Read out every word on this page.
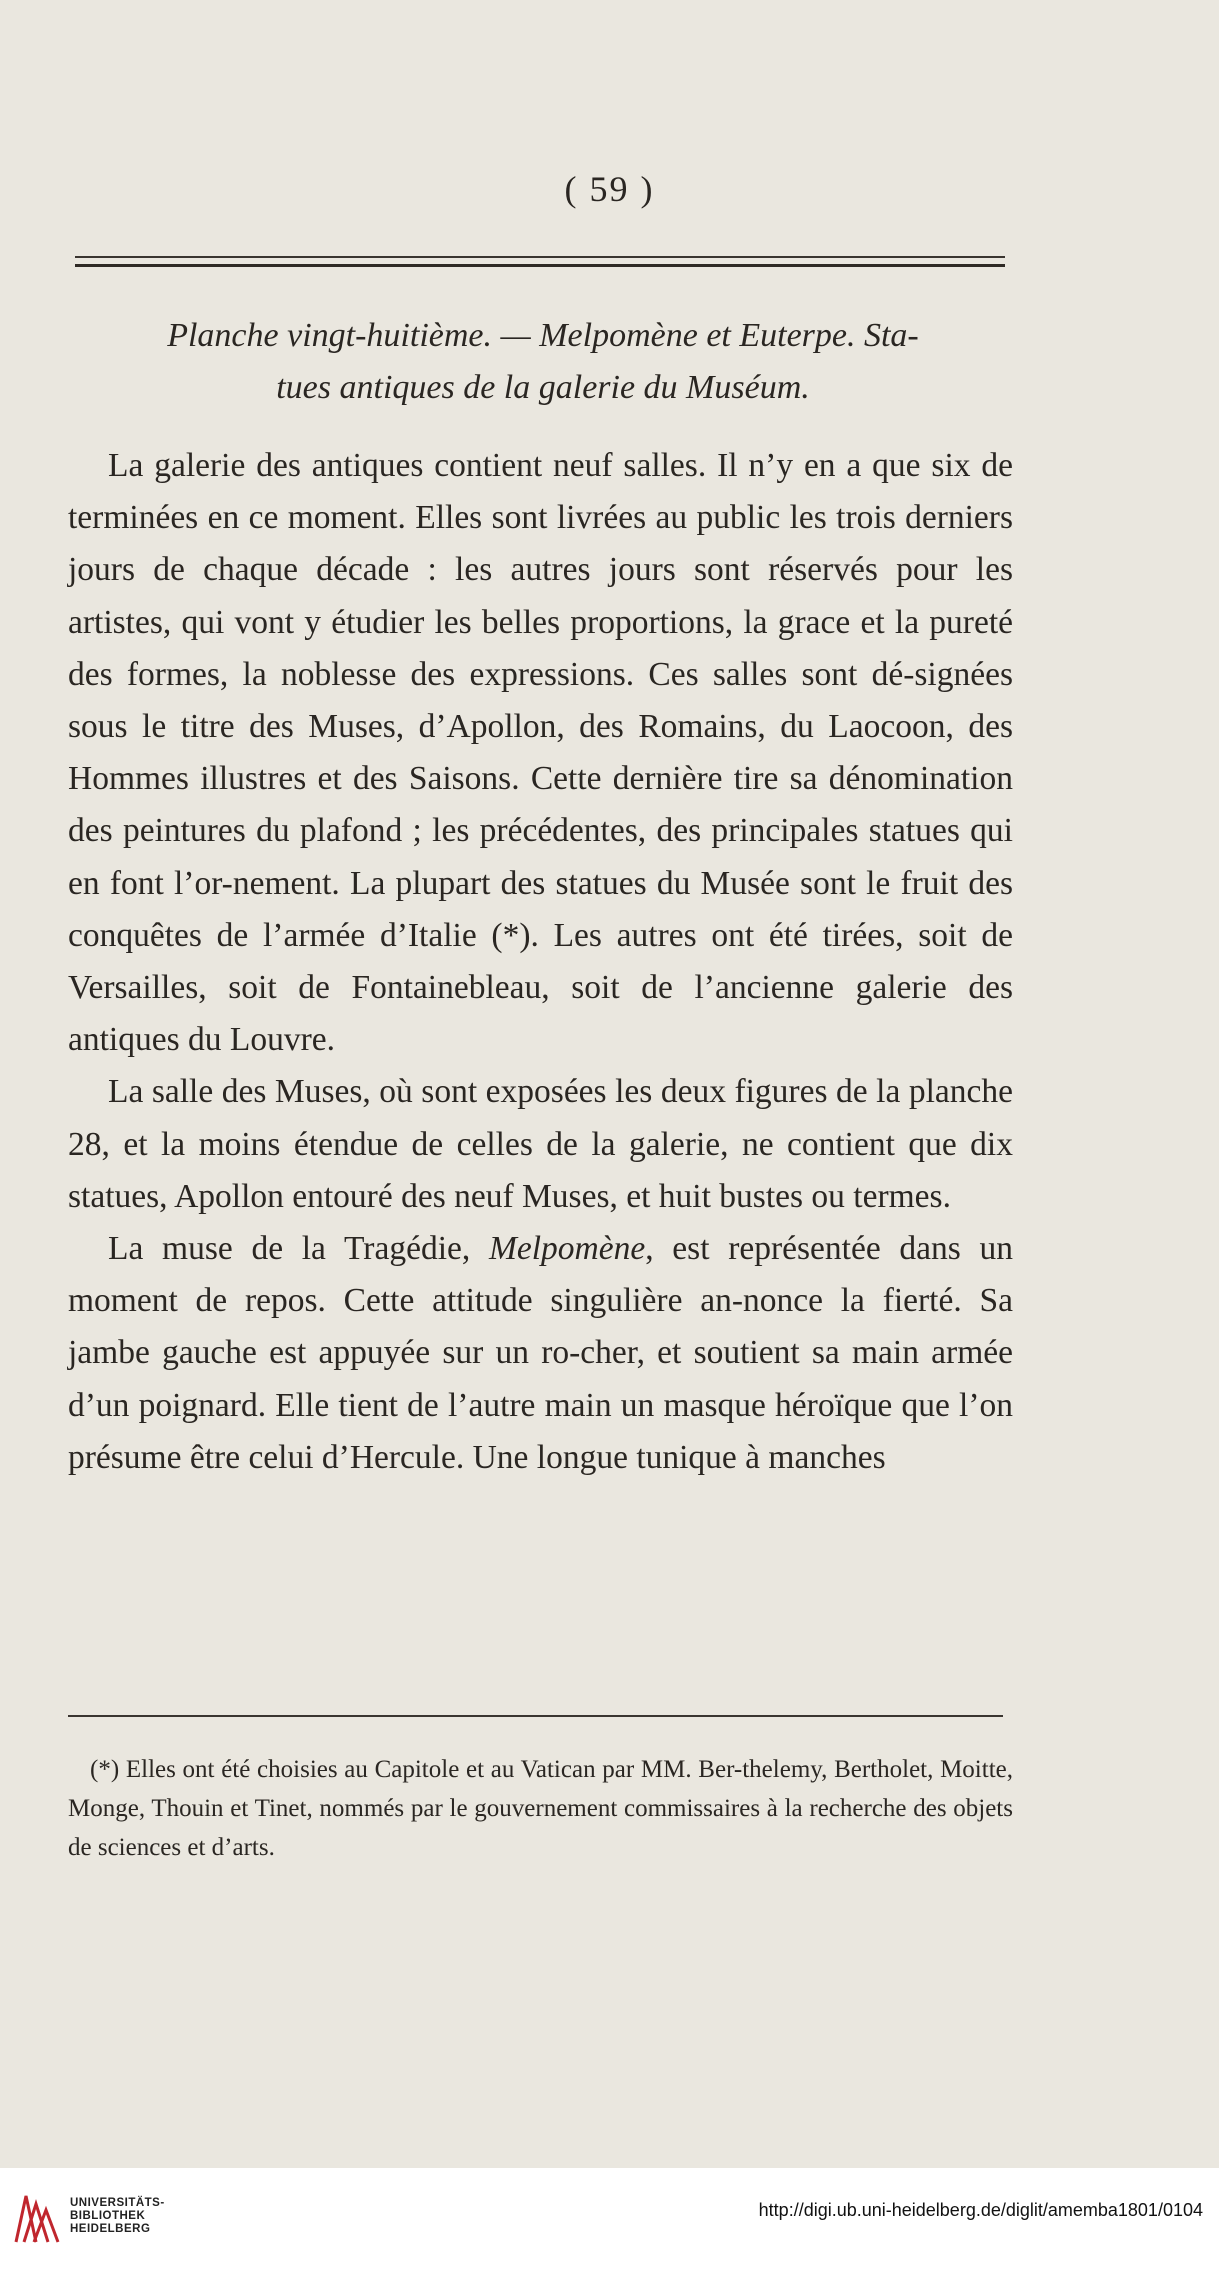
( 59 )
Planche vingt-huitième. — Melpomène et Euterpe. Sta-
tues antiques de la galerie du Muséum.

La galerie des antiques contient neuf salles. Il n’y en a que six de terminées en ce moment. Elles sont livrées au public les trois derniers jours de chaque décade : les autres jours sont réservés pour les artistes, qui vont y étudier les belles proportions, la grace et la pureté des formes, la noblesse des expressions. Ces salles sont dé-signées sous le titre des Muses, d’Apollon, des Romains, du Laocoon, des Hommes illustres et des Saisons. Cette dernière tire sa dénomination des peintures du plafond ; les précédentes, des principales statues qui en font l’or-nement. La plupart des statues du Musée sont le fruit des conquêtes de l’armée d’Italie (*). Les autres ont été tirées, soit de Versailles, soit de Fontainebleau, soit de l’ancienne galerie des antiques du Louvre.

La salle des Muses, où sont exposées les deux figures de la planche 28, et la moins étendue de celles de la galerie, ne contient que dix statues, Apollon entouré des neuf Muses, et huit bustes ou termes.

La muse de la Tragédie, Melpomène, est représentée dans un moment de repos. Cette attitude singulière an-nonce la fierté. Sa jambe gauche est appuyée sur un ro-cher, et soutient sa main armée d’un poignard. Elle tient de l’autre main un masque héroïque que l’on présume être celui d’Hercule. Une longue tunique à manches

(*) Elles ont été choisies au Capitole et au Vatican par MM. Ber-thelemy, Bertholet, Moitte, Monge, Thouin et Tinet, nommés par le gouvernement commissaires à la recherche des objets de sciences et d’arts.

UNIVERSITÄTS-
BIBLIOTHEK
HEIDELBERG
http://digi.ub.uni-heidelberg.de/diglit/amemba1801/0104
